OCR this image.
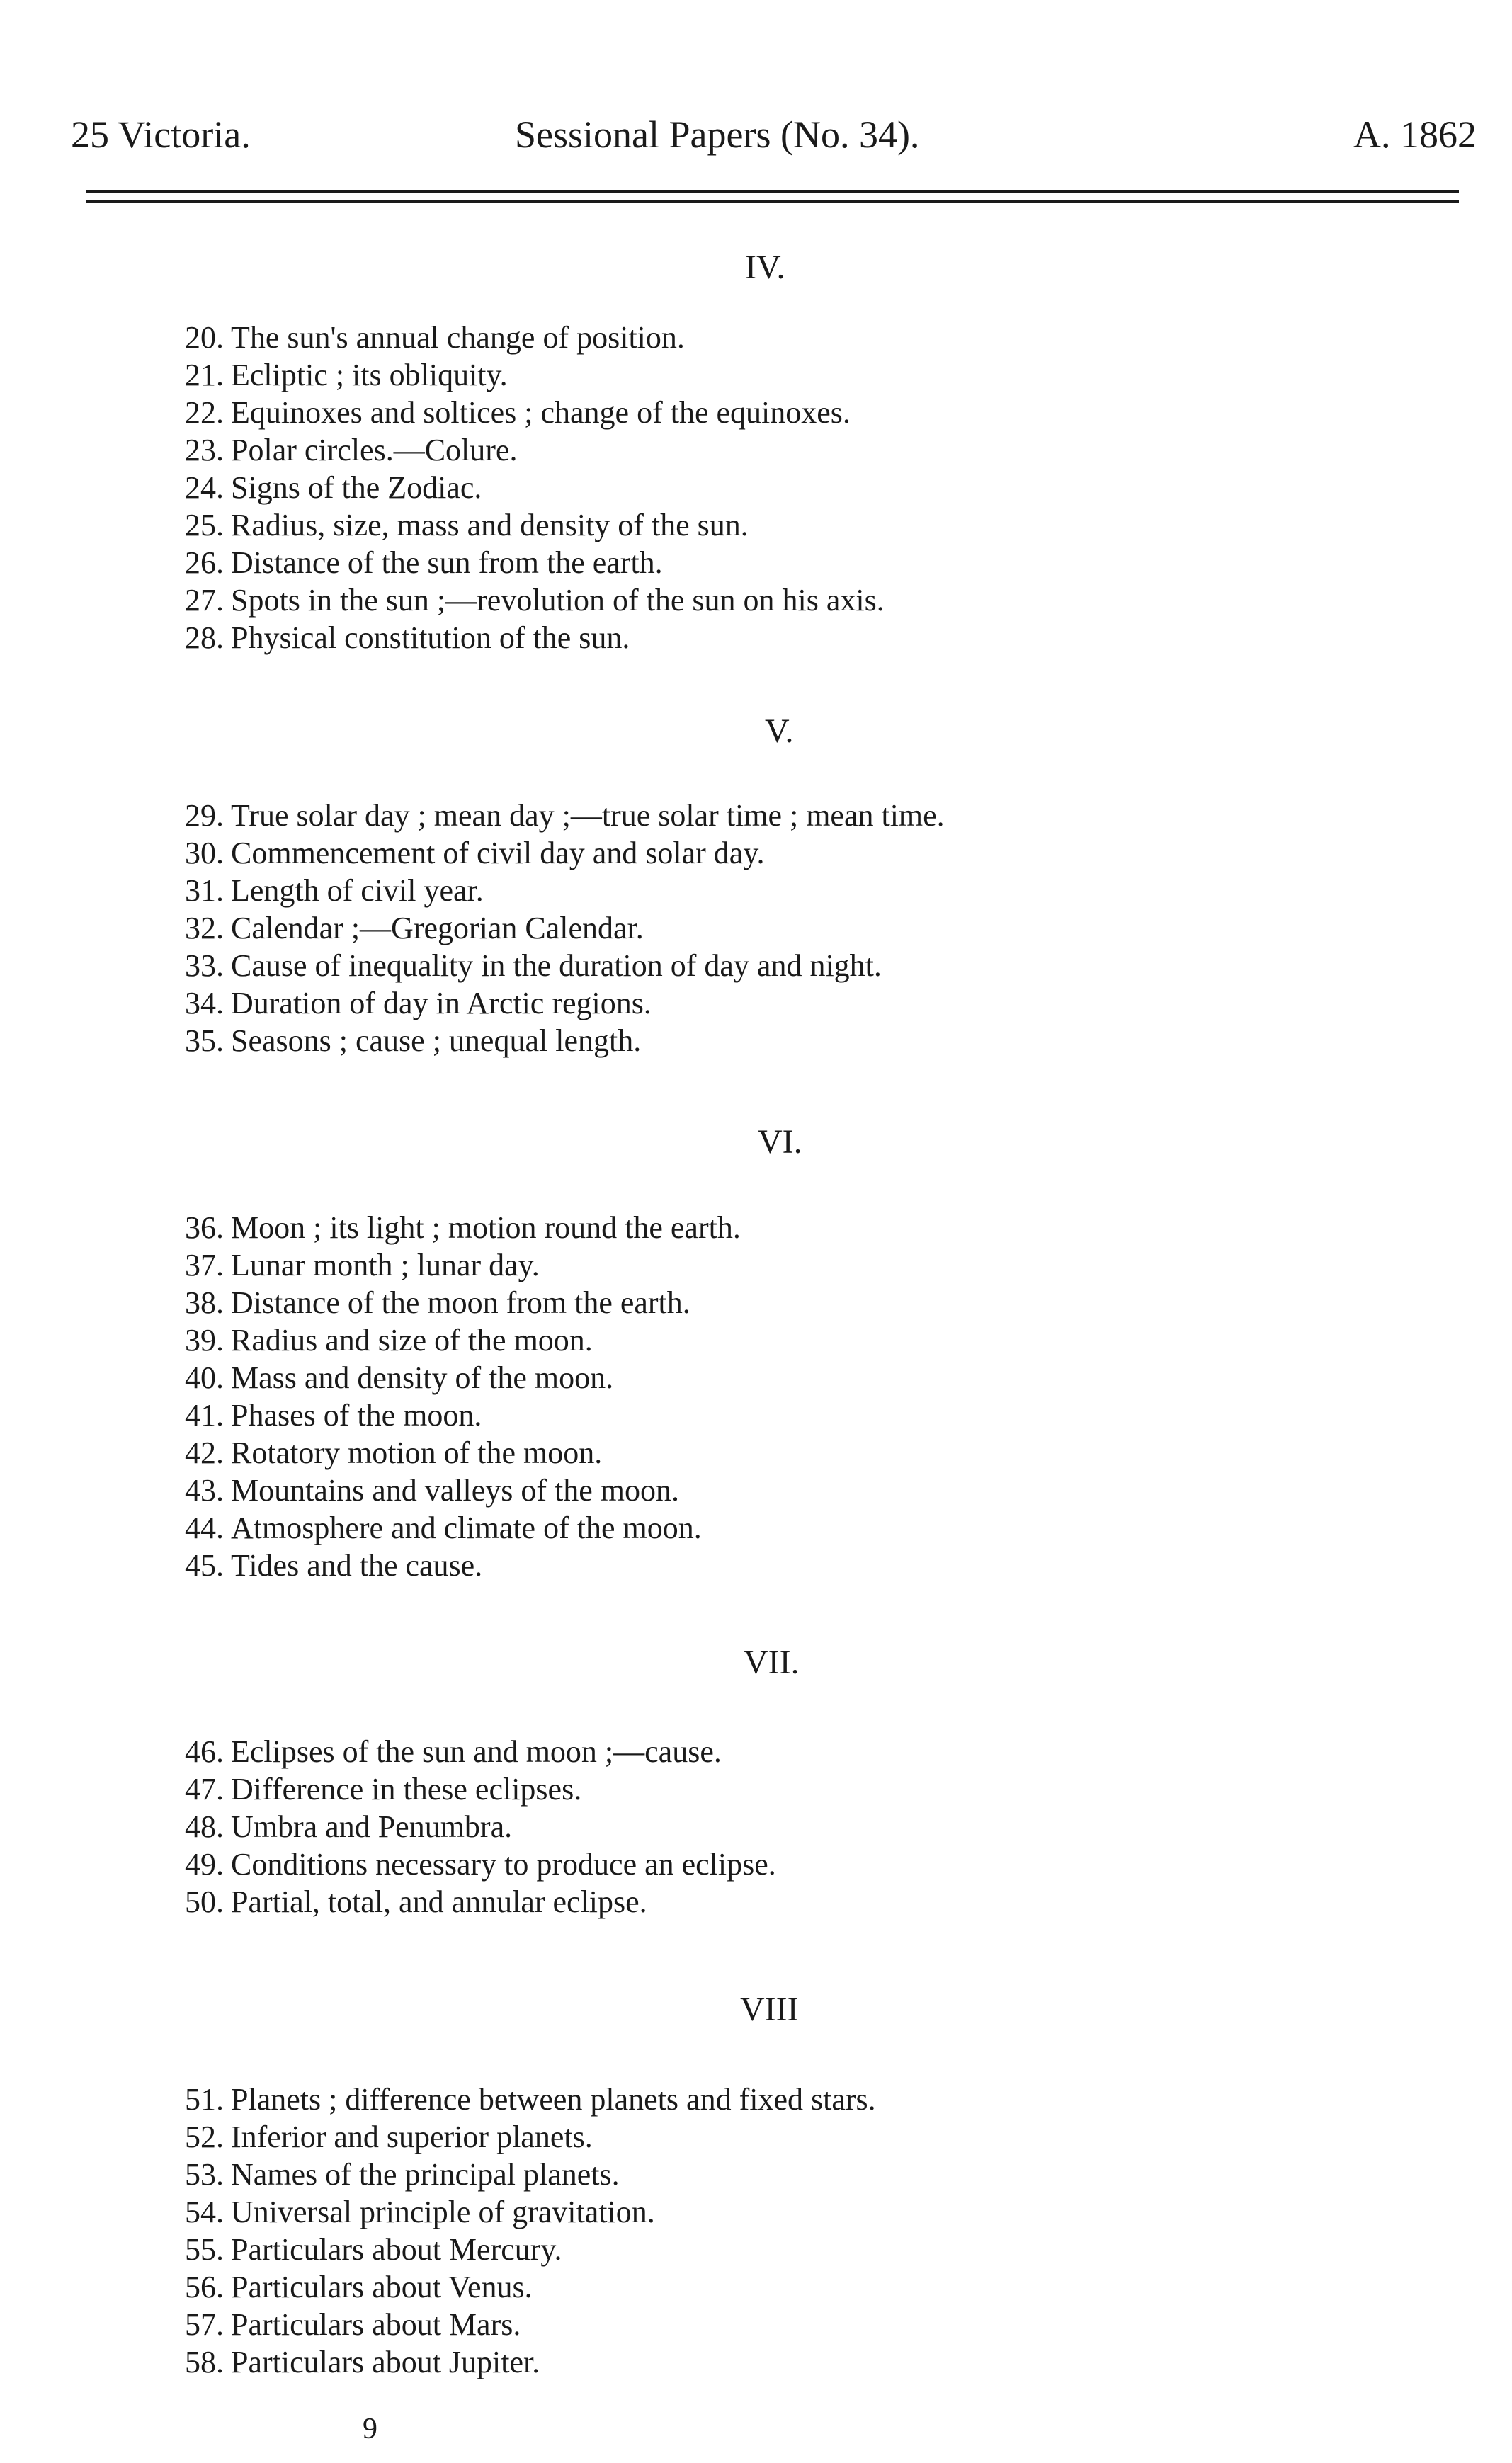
25 Victoria.	Sessional Papers (No. 34).	A. 1862
IV.
20. The sun's annual change of position.
21. Ecliptic ; its obliquity.
22. Equinoxes and soltices ; change of the equinoxes.
23. Polar circles.—Colure.
24. Signs of the Zodiac.
25. Radius, size, mass and density of the sun.
26. Distance of the sun from the earth.
27. Spots in the sun ;—revolution of the sun on his axis.
28. Physical constitution of the sun.
V.
29. True solar day ; mean day ;—true solar time ; mean time.
30. Commencement of civil day and solar day.
31. Length of civil year.
32. Calendar ;—Gregorian Calendar.
33. Cause of inequality in the duration of day and night.
34. Duration of day in Arctic regions.
35. Seasons ; cause ; unequal length.
VI.
36. Moon ; its light ; motion round the earth.
37. Lunar month ; lunar day.
38. Distance of the moon from the earth.
39. Radius and size of the moon.
40. Mass and density of the moon.
41. Phases of the moon.
42. Rotatory motion of the moon.
43. Mountains and valleys of the moon.
44. Atmosphere and climate of the moon.
45. Tides and the cause.
VII.
46. Eclipses of the sun and moon ;—cause.
47. Difference in these eclipses.
48. Umbra and Penumbra.
49. Conditions necessary to produce an eclipse.
50. Partial, total, and annular eclipse.
VIII
51. Planets ; difference between planets and fixed stars.
52. Inferior and superior planets.
53. Names of the principal planets.
54. Universal principle of gravitation.
55. Particulars about Mercury.
56. Particulars about Venus.
57. Particulars about Mars.
58. Particulars about Jupiter.
9
